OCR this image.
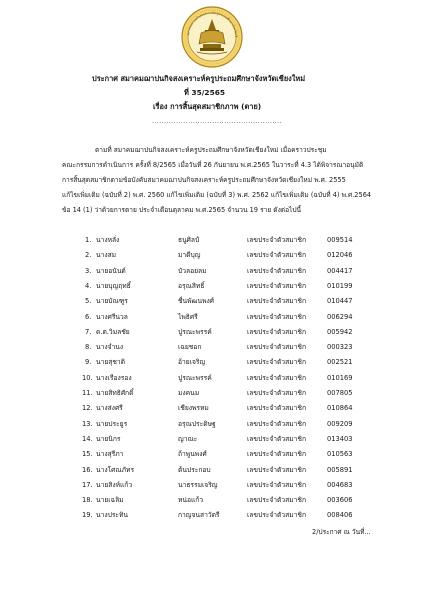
สมาคมฌาปนกิจสงเคราะห์ครูประถมศึกษาจังหวัดเชี
ประกาศ สมาคมฌาปนกิจสงเคราะห์ครูประถมศึกษาจังหวัดเชียงใหม่
ที่ 35/2565
เรื่อง การสิ้นสุดสมาชิกภาพ (ตาย)
......................................................
ตามที่ สมาคมฌาปนกิจสงเคราะห์ครูประถมศึกษาจังหวัดเชียงใหม่ เมื่อคราวประชุม
คณะกรรมการดำเนินการ ครั้งที่ 8/2565 เมื่อวันที่ 26 กันยายน พ.ศ.2565 ในวาระที่ 4.3 ได้พิจารณาอนุมัติ
การสิ้นสุดสมาชิกตามข้อบังคับสมาคมฌาปนกิจสงเคราะห์ครูประถมศึกษาจังหวัดเชียงใหม่ พ.ศ. 2555
แก้ไขเพิ่มเติม (ฉบับที่ 2) พ.ศ. 2560 แก้ไขเพิ่มเติม (ฉบับที่ 3) พ.ศ. 2562 แก้ไขเพิ่มเติม (ฉบับที่ 4) พ.ศ.2564
ข้อ 14 (1) ว่าด้วยการตาย ประจำเดือนตุลาคม พ.ศ.2565 จำนวน 19 ราย ดังต่อไปนี้
1. นางหลั่ง	ธนูศิลป์	เลขประจำตัวสมาชิก	009514
2. นางสม	มาดีบุญ	เลขประจำตัวสมาชิก	012046
3. นายอนันต์	บัวลอยลม	เลขประจำตัวสมาชิก	004417
4. นายบุญฤทธิ์	อรุณสิทธิ์	เลขประจำตัวสมาชิก	010199
5. นายบัณฑูร	ชื่นพัฒนพงศ์	เลขประจำตัวสมาชิก	010447
6. นางศรีนวล	ไพธิศรี	เลขประจำตัวสมาชิก	006294
7. ด.ต.วิมลชัย	ปูรณะพรรค์	เลขประจำตัวสมาชิก	005942
8. นางจำนง	เฉยชอก	เลขประจำตัวสมาชิก	000323
9. นายสุชาติ	อ้ายเจริญ	เลขประจำตัวสมาชิก	002521
10. นางเรืองรอง	ปูรณะพรรค์	เลขประจำตัวสมาชิก	010169
11. นายสิทธิศักดิ์	มงคนม	เลขประจำตัวสมาชิก	007805
12. นางส่งศรี	เชียงพรหม	เลขประจำตัวสมาชิก	010864
13. นายประยูร	อรุณประดิษฐ	เลขประจำตัวสมาชิก	009209
14. นายนิกร	ญาณะ	เลขประจำตัวสมาชิก	013403
15. นางสุรีภา	ถ้าพูนพงศ์	เลขประจำตัวสมาชิก	010563
16. นางโศณภัทร	ต้นประกอบ	เลขประจำตัวสมาชิก	005891
17. นายสิงห์แก้ว	นาธรรมเจริญ	เลขประจำตัวสมาชิก	004683
18. นายเฉลิม	หน่อแก้ว	เลขประจำตัวสมาชิก	003606
19. นางประทิน	กาญจนสาวัตรี	เลขประจำตัวสมาชิก	008406
2/ประกาศ ณ วันที่...
